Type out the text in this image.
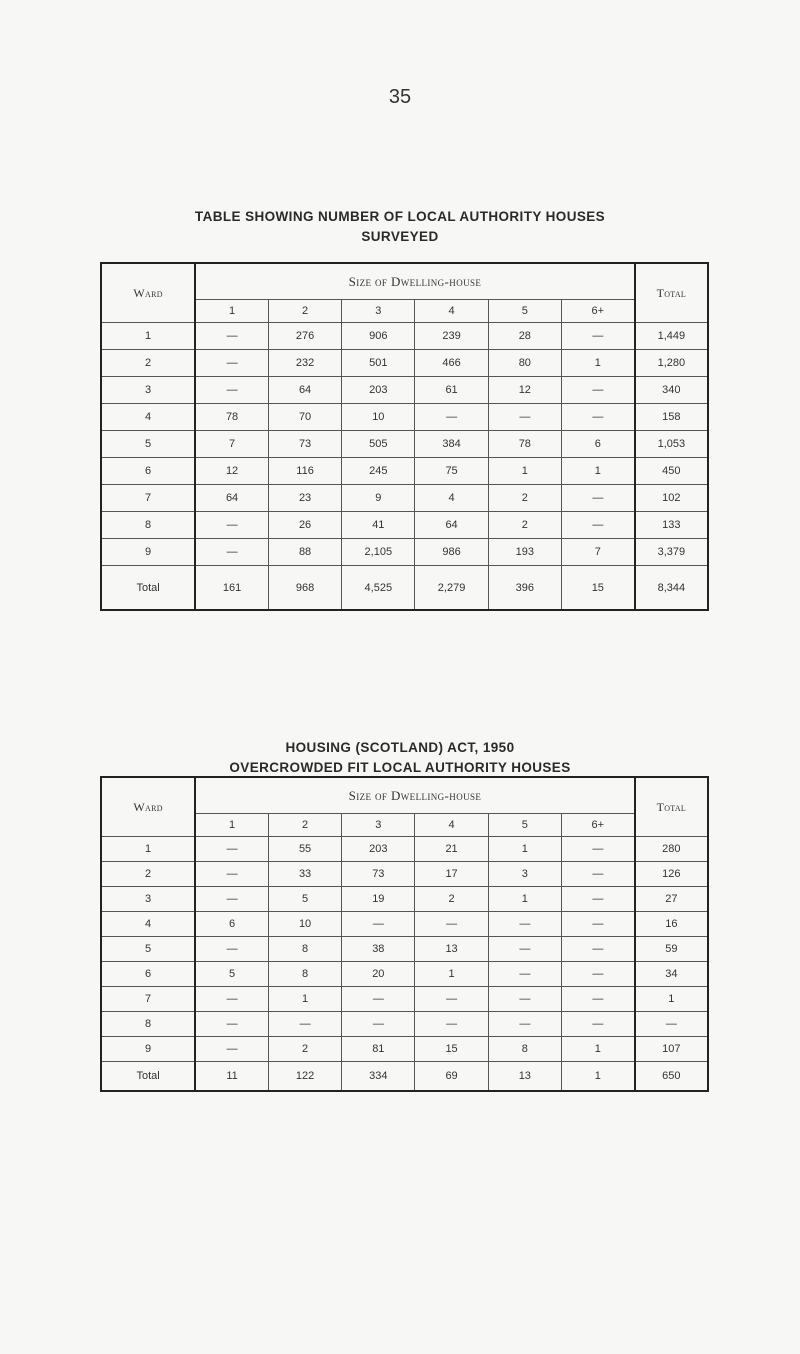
35
TABLE SHOWING NUMBER OF LOCAL AUTHORITY HOUSES
SURVEYED
Ward	Size of Dwelling-house						Total
	1	2	3	4	5	6+	
1	—	276	906	239	28	—	1,449
2	—	232	501	466	80	1	1,280
3	—	64	203	61	12	—	340
4	78	70	10	—	—	—	158
5	7	73	505	384	78	6	1,053
6	12	116	245	75	1	1	450
7	64	23	9	4	2	—	102
8	—	26	41	64	2	—	133
9	—	88	2,105	986	193	7	3,379
Total	161	968	4,525	2,279	396	15	8,344
HOUSING (SCOTLAND) ACT, 1950
OVERCROWDED FIT LOCAL AUTHORITY HOUSES
Ward	Size of Dwelling-house						Total
	1	2	3	4	5	6+	
1	—	55	203	21	1	—	280
2	—	33	73	17	3	—	126
3	—	5	19	2	1	—	27
4	6	10	—	—	—	—	16
5	—	8	38	13	—	—	59
6	5	8	20	1	—	—	34
7	—	1	—	—	—	—	1
8	—	—	—	—	—	—	—
9	—	2	81	15	8	1	107
Total	11	122	334	69	13	1	650
